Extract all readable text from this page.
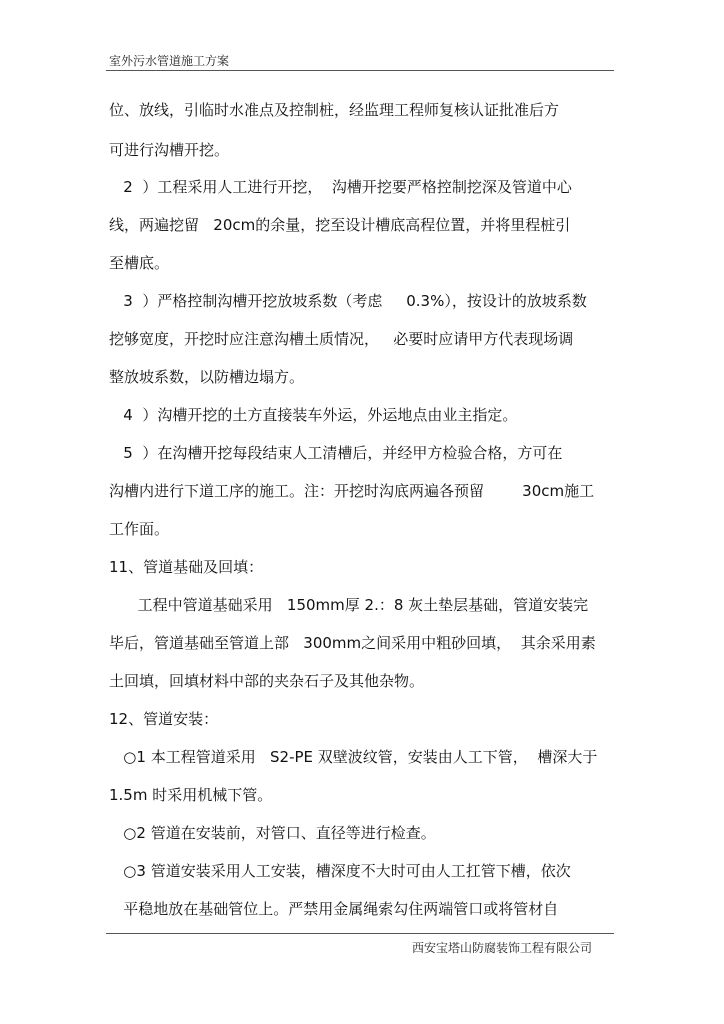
室外污水管道施工方案
位、放线，引临时水准点及控制桩，经监理工程师复核认证批准后方
可进行沟槽开挖。
2  ）工程采用人工进行开挖，  沟槽开挖要严格控制挖深及管道中心
线，两遍挖留   20cm的余量，挖至设计槽底高程位置，并将里程桩引
至槽底。
3  ）严格控制沟槽开挖放坡系数（考虑     0.3%），按设计的放坡系数
挖够宽度，开挖时应注意沟槽土质情况，   必要时应请甲方代表现场调
整放坡系数，以防槽边塌方。
4  ）沟槽开挖的土方直接装车外运，外运地点由业主指定。
5  ）在沟槽开挖每段结束人工清槽后，并经甲方检验合格，方可在
沟槽内进行下道工序的施工。注：开挖时沟底两遍各预留        30cm施工
工作面。
11、管道基础及回填：
工程中管道基础采用   150mm厚 2.：8 灰土垫层基础，管道安装完
毕后，管道基础至管道上部   300mm之间采用中粗砂回填，  其余采用素
土回填，回填材料中部的夹杂石子及其他杂物。
12、管道安装：
○1 本工程管道采用   S2-PE 双壁波纹管，安装由人工下管，  槽深大于
1.5m 时采用机械下管。
○2 管道在安装前，对管口、直径等进行检查。
○3 管道安装采用人工安装，槽深度不大时可由人工扛管下槽，依次
平稳地放在基础管位上。严禁用金属绳索勾住两端管口或将管材自
西安宝塔山防腐装饰工程有限公司
